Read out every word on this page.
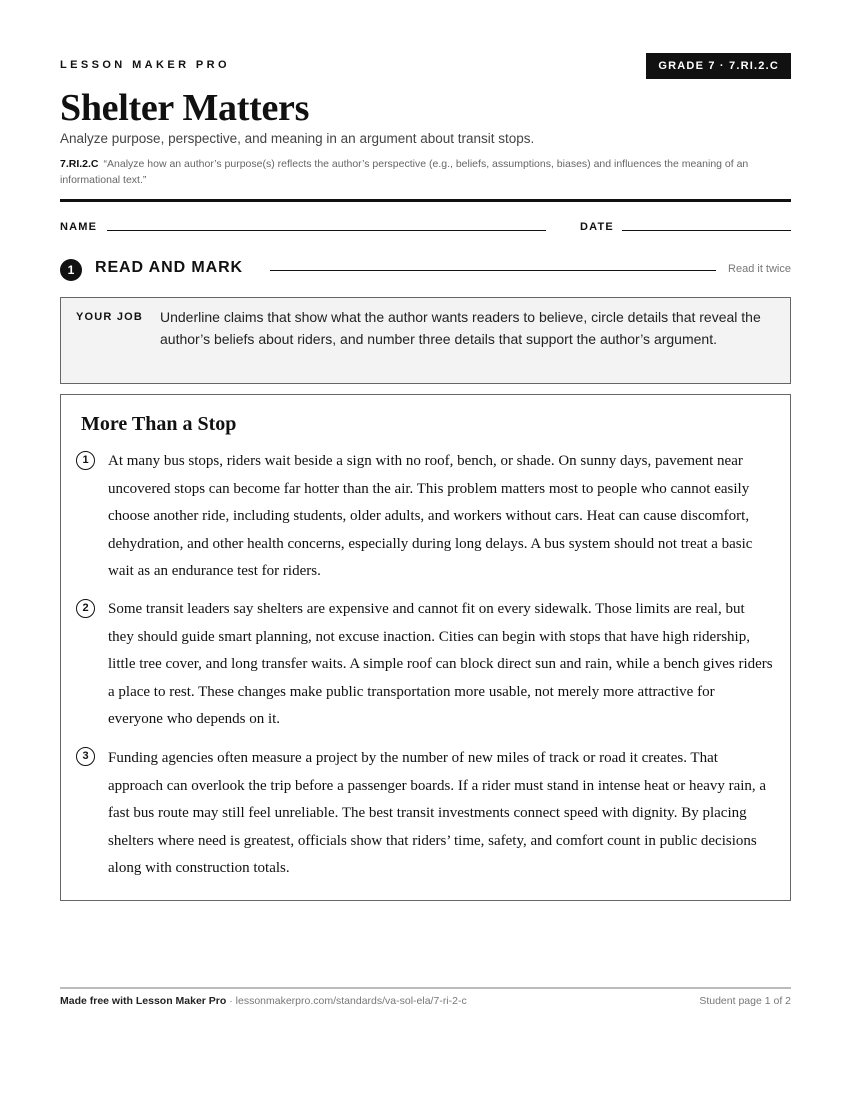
LESSON MAKER PRO	GRADE 7 · 7.RI.2.C
Shelter Matters
Analyze purpose, perspective, and meaning in an argument about transit stops.
7.RI.2.C “Analyze how an author’s purpose(s) reflects the author’s perspective (e.g., beliefs, assumptions, biases) and influences the meaning of an informational text.”
NAME	DATE
1	READ AND MARK	Read it twice
YOUR JOB Underline claims that show what the author wants readers to believe, circle details that reveal the author’s beliefs about riders, and number three details that support the author’s argument.
More Than a Stop
1	At many bus stops, riders wait beside a sign with no roof, bench, or shade. On sunny days, pavement near uncovered stops can become far hotter than the air. This problem matters most to people who cannot easily choose another ride, including students, older adults, and workers without cars. Heat can cause discomfort, dehydration, and other health concerns, especially during long delays. A bus system should not treat a basic wait as an endurance test for riders.

2	Some transit leaders say shelters are expensive and cannot fit on every sidewalk. Those limits are real, but they should guide smart planning, not excuse inaction. Cities can begin with stops that have high ridership, little tree cover, and long transfer waits. A simple roof can block direct sun and rain, while a bench gives riders a place to rest. These changes make public transportation more usable, not merely more attractive for everyone who depends on it.

3	Funding agencies often measure a project by the number of new miles of track or road it creates. That approach can overlook the trip before a passenger boards. If a rider must stand in intense heat or heavy rain, a fast bus route may still feel unreliable. The best transit investments connect speed with dignity. By placing shelters where need is greatest, officials show that riders’ time, safety, and comfort count in public decisions along with construction totals.

Made free with Lesson Maker Pro · lessonmakerpro.com/standards/va-sol-ela/7-ri-2-c	Student page 1 of 2
